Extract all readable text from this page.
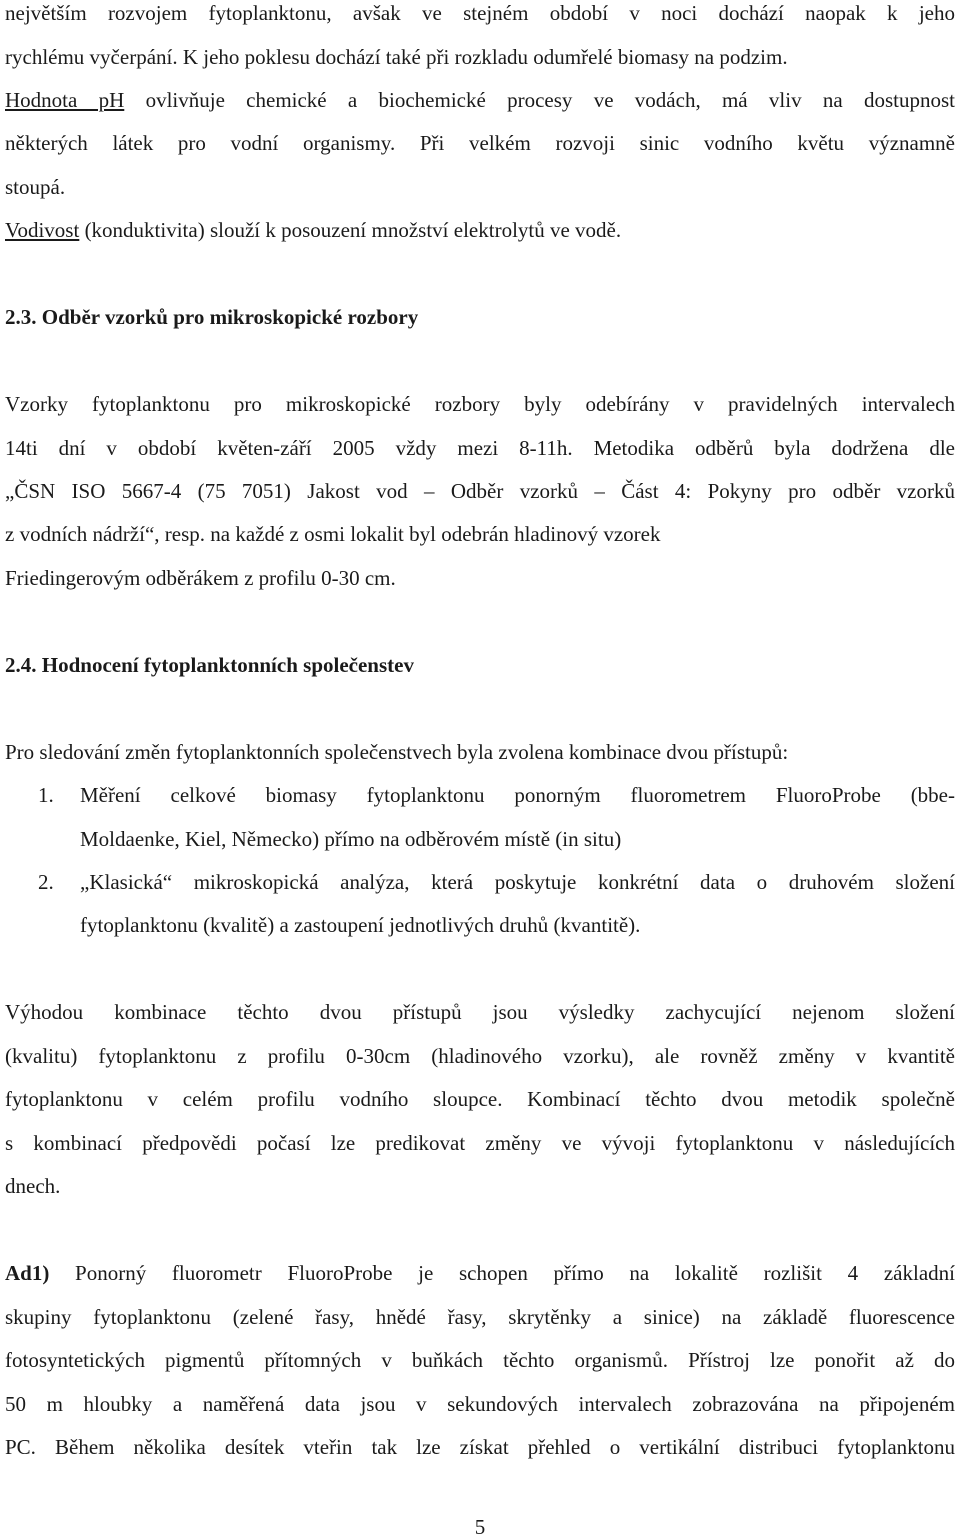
největším rozvojem fytoplanktonu, avšak ve stejném období v noci dochází naopak k jeho
rychlému vyčerpání. K jeho poklesu dochází také při rozkladu odumřelé biomasy na podzim.
Hodnota pH ovlivňuje chemické a biochemické procesy ve vodách, má vliv na dostupnost
některých látek pro vodní organismy. Při velkém rozvoji sinic vodního květu významně
stoupá.
Vodivost (konduktivita) slouží k posouzení množství elektrolytů ve vodě.
2.3. Odběr vzorků pro mikroskopické rozbory
Vzorky fytoplanktonu pro mikroskopické rozbory byly odebírány v pravidelných intervalech
14ti dní v období květen-září 2005 vždy mezi 8-11h. Metodika odběrů byla dodržena dle
„ČSN ISO 5667-4 (75 7051) Jakost vod – Odběr vzorků – Část 4: Pokyny pro odběr vzorků
z vodních nádrží“, resp. na každé z osmi lokalit byl odebrán hladinový vzorek
Friedingerovým odběrákem z profilu 0-30 cm.
2.4. Hodnocení fytoplanktonních společenstev
Pro sledování změn fytoplanktonních společenstvech byla zvolena kombinace dvou přístupů:
1. Měření celkové biomasy fytoplanktonu ponorným fluorometrem FluoroProbe (bbe-
Moldaenke, Kiel, Německo) přímo na odběrovém místě (in situ)
2. „Klasická“ mikroskopická analýza, která poskytuje konkrétní data o druhovém složení
fytoplanktonu (kvalitě) a zastoupení jednotlivých druhů (kvantitě).
Výhodou kombinace těchto dvou přístupů jsou výsledky zachycující nejenom složení
(kvalitu) fytoplanktonu z profilu 0-30cm (hladinového vzorku), ale rovněž změny v kvantitě
fytoplanktonu v celém profilu vodního sloupce. Kombinací těchto dvou metodik společně
s kombinací předpovědi počasí lze predikovat změny ve vývoji fytoplanktonu v následujících
dnech.
Ad1) Ponorný fluorometr FluoroProbe je schopen přímo na lokalitě rozlišit 4 základní
skupiny fytoplanktonu (zelené řasy, hnědé řasy, skrytěnky a sinice) na základě fluorescence
fotosyntetických pigmentů přítomných v buňkách těchto organismů. Přístroj lze ponořit až do
50 m hloubky a naměřená data jsou v sekundových intervalech zobrazována na připojeném
PC. Během několika desítek vteřin tak lze získat přehled o vertikální distribuci fytoplanktonu
5
